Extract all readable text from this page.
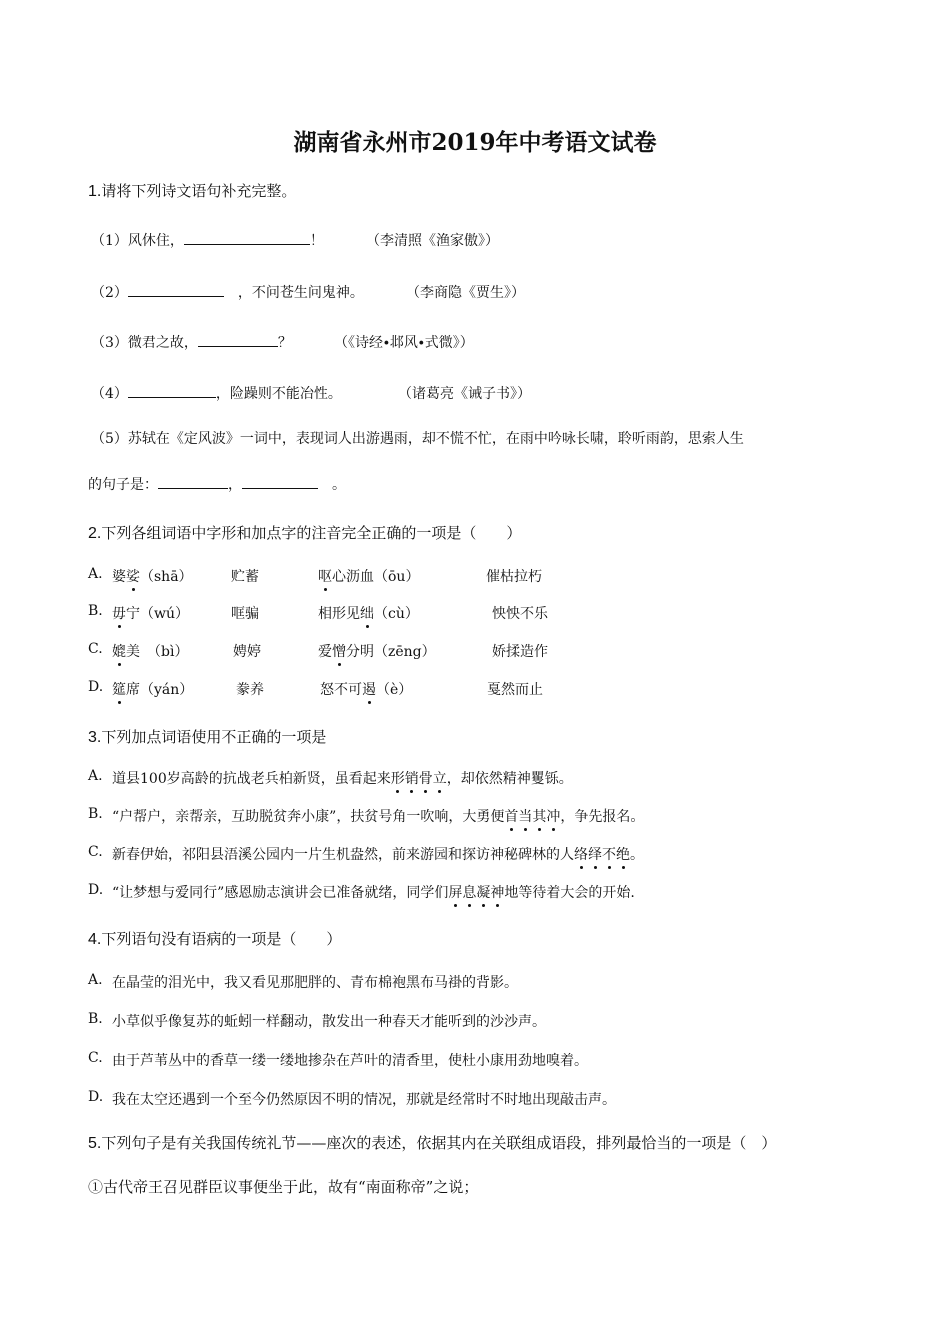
湖南省永州市2019年中考语文试卷
1.请将下列诗文语句补充完整。
（1）风休住，	！	（李清照《渔家傲》）
（2）　	，不问苍生问鬼神。	（李商隐《贾生》）
（3）微君之故，	？	（《诗经∙邶风∙式微》）
（4）	，险躁则不能冶性。	（诸葛亮《诫子书》）
（5）苏轼在《定风波》一词中，表现词人出游遇雨，却不慌不忙，在雨中吟咏长啸，聆听雨韵，思索人生
的句子是：	，　	。
2.下列各组词语中字形和加点字的注音完全正确的一项是（　　）
A. 婆娑（shā）	贮蓄	呕心沥血（ōu）	催枯拉朽
B. 毋宁（wú）	哐骗	相形见绌（cù）	怏怏不乐
C. 媲美　（bì）	娉婷	爱憎分明（zēng）	娇揉造作
D. 筵席（yán）	豢养	怒不可遏（è）	戛然而止
3.下列加点词语使用不正确的一项是
A. 道县100岁高龄的抗战老兵柏新贤，虽看起来形销骨立，却依然精神矍铄。
B. “户帮户，亲帮亲，互助脱贫奔小康”，扶贫号角一吹响，大勇便首当其冲，争先报名。
C. 新春伊始，祁阳县浯溪公园内一片生机盎然，前来游园和探访神秘碑林的人络绎不绝。
D. “让梦想与爱同行”感恩励志演讲会已准备就绪，同学们屏息凝神地等待着大会的开始.
4.下列语句没有语病的一项是（　　）
A. 在晶莹的泪光中，我又看见那肥胖的、青布棉袍黑布马褂的背影。
B. 小草似乎像复苏的蚯蚓一样翻动，散发出一种春天才能听到的沙沙声。
C. 由于芦苇丛中的香草一缕一缕地掺杂在芦叶的清香里，使杜小康用劲地嗅着。
D. 我在太空还遇到一个至今仍然原因不明的情况，那就是经常时不时地出现敲击声。
5.下列句子是有关我国传统礼节——座次的表述，依据其内在关联组成语段，排列最恰当的一项是（　）
①古代帝王召见群臣议事便坐于此，故有“南面称帝”之说；
